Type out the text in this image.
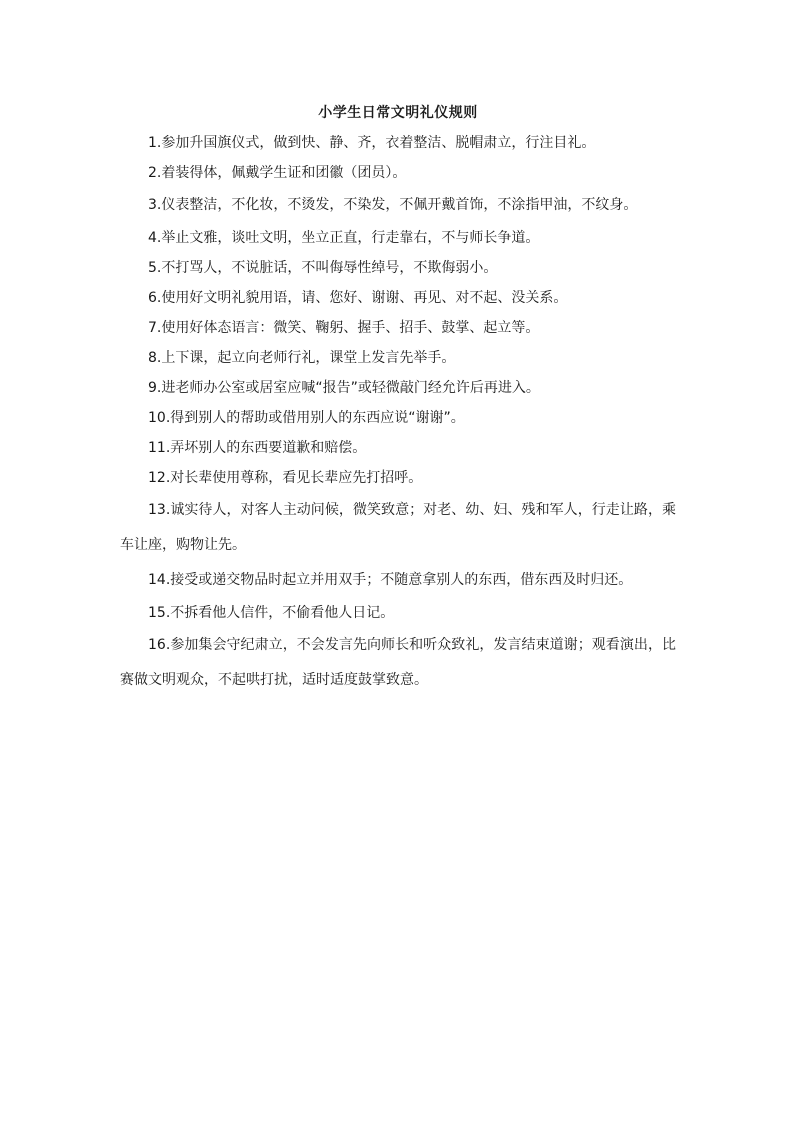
小学生日常文明礼仪规则

1.参加升国旗仪式，做到快、静、齐，衣着整洁、脱帽肃立，行注目礼。

2.着装得体，佩戴学生证和团徽（团员）。

3.仪表整洁，不化妆，不烫发，不染发，不佩开戴首饰，不涂指甲油，不纹身。

4.举止文雅，谈吐文明，坐立正直，行走靠右，不与师长争道。

5.不打骂人，不说脏话，不叫侮辱性绰号，不欺侮弱小。

6.使用好文明礼貌用语，请、您好、谢谢、再见、对不起、没关系。

7.使用好体态语言：微笑、鞠躬、握手、招手、鼓掌、起立等。

8.上下课，起立向老师行礼，课堂上发言先举手。

9.进老师办公室或居室应喊“报告”或轻微敲门经允许后再进入。

10.得到别人的帮助或借用别人的东西应说“谢谢”。

11.弄坏别人的东西要道歉和赔偿。

12.对长辈使用尊称，看见长辈应先打招呼。

13.诚实待人，对客人主动问候，微笑致意；对老、幼、妇、残和军人，行走让路，乘车让座，购物让先。

14.接受或递交物品时起立并用双手；不随意拿别人的东西，借东西及时归还。

15.不拆看他人信件，不偷看他人日记。

16.参加集会守纪肃立，不会发言先向师长和听众致礼，发言结束道谢；观看演出，比赛做文明观众，不起哄打扰，适时适度鼓掌致意。
